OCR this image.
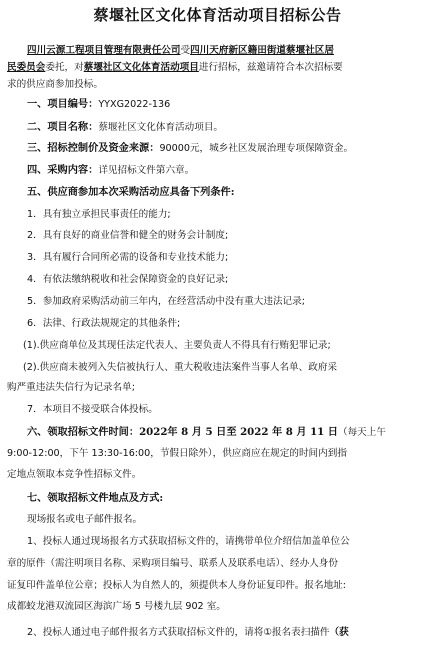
蔡堰社区文化体育活动项目招标公告
四川云源工程项目管理有限责任公司受四川天府新区籍田街道蔡堰社区居
民委员会委托，对蔡堰社区文化体育活动项目进行招标，兹邀请符合本次招标要
求的供应商参加投标。
一、项目编号：YYXG2022-136
二、项目名称：蔡堰社区文化体育活动项目。
三、招标控制价及资金来源：90000元，城乡社区发展治理专项保障资金。
四、采购内容：详见招标文件第六章。
五、供应商参加本次采购活动应具备下列条件:
1．具有独立承担民事责任的能力;
2．具有良好的商业信誉和健全的财务会计制度;
3．具有履行合同所必需的设备和专业技术能力;
4．有依法缴纳税收和社会保障资金的良好记录;
5．参加政府采购活动前三年内，在经营活动中没有重大违法记录;
6．法律、行政法规规定的其他条件;
(1).供应商单位及其现任法定代表人、主要负责人不得具有行贿犯罪记录;
(2).供应商未被列入失信被执行人、重大税收违法案件当事人名单、政府采
购严重违法失信行为记录名单;
7．本项目不接受联合体投标。
六、领取招标文件时间：2022年 8 月 5 日至 2022 年 8 月 11 日（每天上午
9:00-12:00，下午 13:30-16:00，节假日除外），供应商应在规定的时间内到指
定地点领取本竞争性招标文件。
七、领取招标文件地点及方式:
现场报名或电子邮件报名。
1、投标人通过现场报名方式获取招标文件的，请携带单位介绍信加盖单位公
章的原件（需注明项目名称、采购项目编号、联系人及联系电话）、经办人身份
证复印件盖单位公章；投标人为自然人的，须提供本人身份证复印件。报名地址:
成都蛟龙港双流园区海滨广场 5 号楼九层 902 室。
2、投标人通过电子邮件报名方式获取招标文件的，请将①报名表扫描件（获
